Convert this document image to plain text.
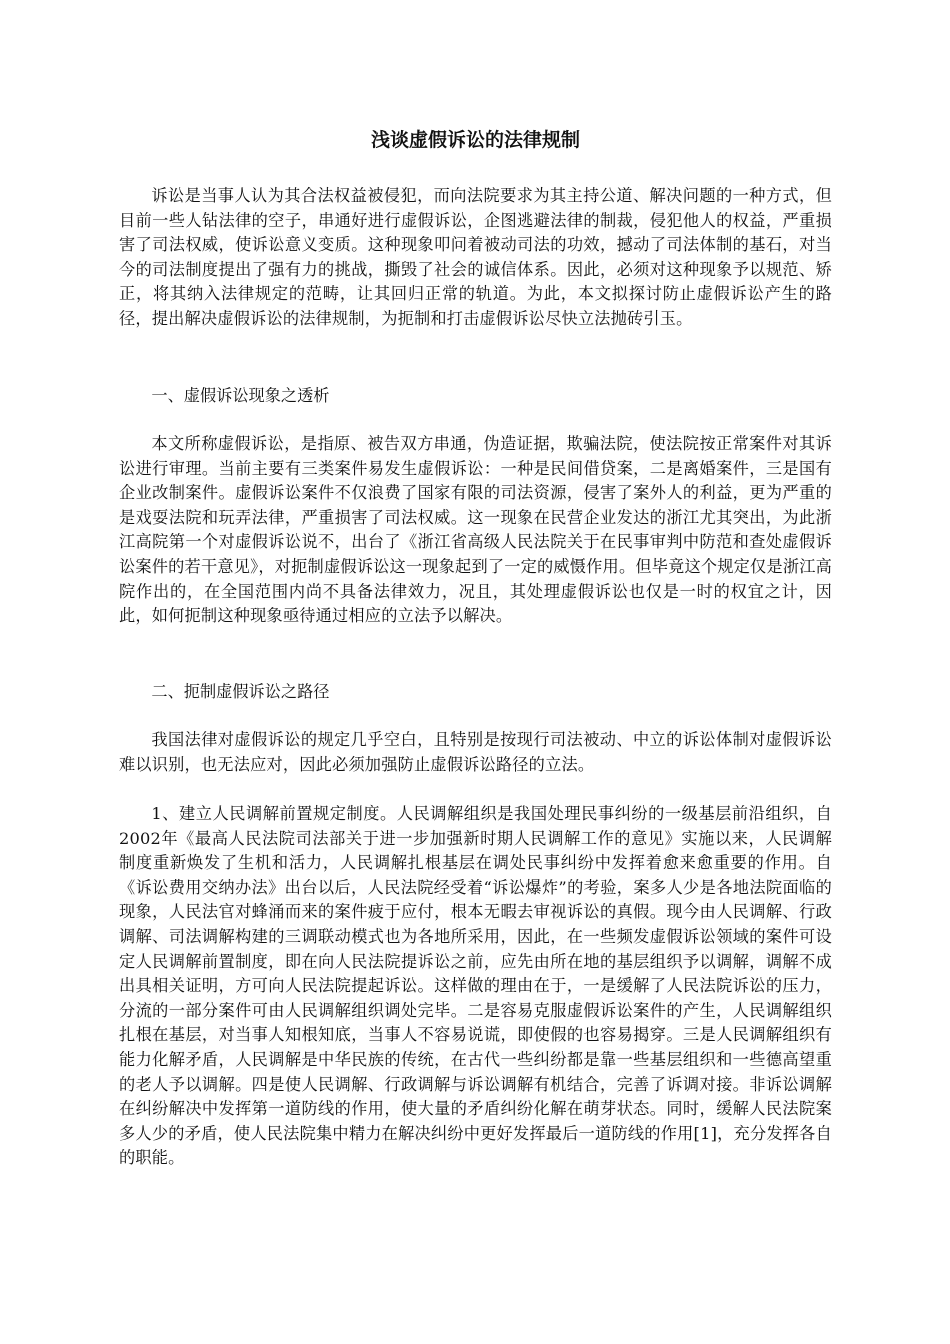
浅谈虚假诉讼的法律规制

诉讼是当事人认为其合法权益被侵犯，而向法院要求为其主持公道、解决问题的一种方式，但目前一些人钻法律的空子，串通好进行虚假诉讼，企图逃避法律的制裁，侵犯他人的权益，严重损害了司法权威，使诉讼意义变质。这种现象叩问着被动司法的功效，撼动了司法体制的基石，对当今的司法制度提出了强有力的挑战，撕毁了社会的诚信体系。因此，必须对这种现象予以规范、矫正，将其纳入法律规定的范畴，让其回归正常的轨道。为此，本文拟探讨防止虚假诉讼产生的路径，提出解决虚假诉讼的法律规制，为扼制和打击虚假诉讼尽快立法抛砖引玉。

一、虚假诉讼现象之透析

本文所称虚假诉讼，是指原、被告双方串通，伪造证据，欺骗法院，使法院按正常案件对其诉讼进行审理。当前主要有三类案件易发生虚假诉讼：一种是民间借贷案，二是离婚案件，三是国有企业改制案件。虚假诉讼案件不仅浪费了国家有限的司法资源，侵害了案外人的利益，更为严重的是戏耍法院和玩弄法律，严重损害了司法权威。这一现象在民营企业发达的浙江尤其突出，为此浙江高院第一个对虚假诉讼说不，出台了《浙江省高级人民法院关于在民事审判中防范和查处虚假诉讼案件的若干意见》，对扼制虚假诉讼这一现象起到了一定的威慑作用。但毕竟这个规定仅是浙江高院作出的，在全国范围内尚不具备法律效力，况且，其处理虚假诉讼也仅是一时的权宜之计，因此，如何扼制这种现象亟待通过相应的立法予以解决。

二、扼制虚假诉讼之路径

我国法律对虚假诉讼的规定几乎空白，且特别是按现行司法被动、中立的诉讼体制对虚假诉讼难以识别，也无法应对，因此必须加强防止虚假诉讼路径的立法。

1、建立人民调解前置规定制度。人民调解组织是我国处理民事纠纷的一级基层前沿组织，自2002年《最高人民法院司法部关于进一步加强新时期人民调解工作的意见》实施以来，人民调解制度重新焕发了生机和活力，人民调解扎根基层在调处民事纠纷中发挥着愈来愈重要的作用。自《诉讼费用交纳办法》出台以后，人民法院经受着“诉讼爆炸”的考验，案多人少是各地法院面临的现象，人民法官对蜂涌而来的案件疲于应付，根本无暇去审视诉讼的真假。现今由人民调解、行政调解、司法调解构建的三调联动模式也为各地所采用，因此，在一些频发虚假诉讼领域的案件可设定人民调解前置制度，即在向人民法院提诉讼之前，应先由所在地的基层组织予以调解，调解不成出具相关证明，方可向人民法院提起诉讼。这样做的理由在于，一是缓解了人民法院诉讼的压力，分流的一部分案件可由人民调解组织调处完毕。二是容易克服虚假诉讼案件的产生，人民调解组织扎根在基层，对当事人知根知底，当事人不容易说谎，即使假的也容易揭穿。三是人民调解组织有能力化解矛盾，人民调解是中华民族的传统，在古代一些纠纷都是靠一些基层组织和一些德高望重的老人予以调解。四是使人民调解、行政调解与诉讼调解有机结合，完善了诉调对接。非诉讼调解在纠纷解决中发挥第一道防线的作用，使大量的矛盾纠纷化解在萌芽状态。同时，缓解人民法院案多人少的矛盾，使人民法院集中精力在解决纠纷中更好发挥最后一道防线的作用[1]，充分发挥各自的职能。
